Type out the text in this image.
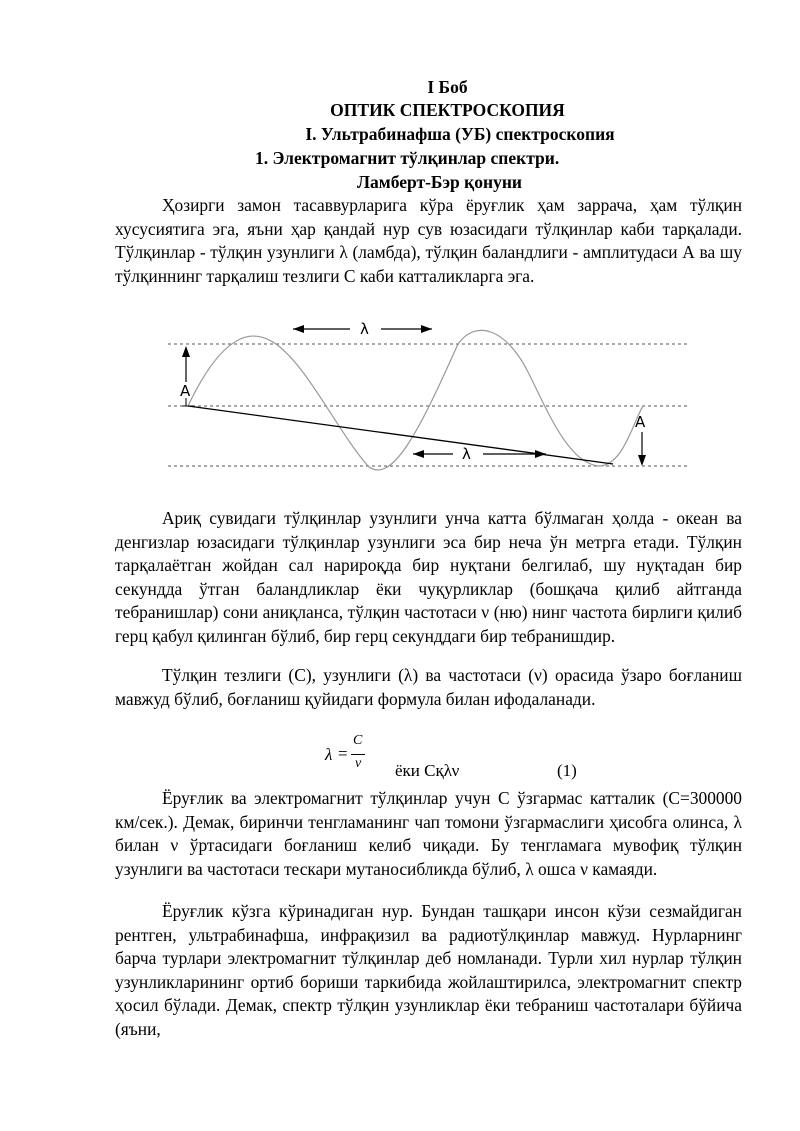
I Боб
ОПТИК СПЕКТРОСКОПИЯ
I. Ультрабинафша (УБ) спектроскопия
1. Электромагнит тўлқинлар спектри.
Ламберт-Бэр қонуни

Ҳозирги замон тасаввурларига кўра ёруғлик ҳам заррача, ҳам тўлқин хусусиятига эга, яъни ҳар қандай нур сув юзасидаги тўлқинлар каби тарқалади. Тўлқинлар - тўлқин узунлиги λ (ламбда), тўлқин баландлиги - амплитудаси А ва шу тўлқиннинг тарқалиш тезлиги С каби катталикларга эга.

λ
λ
А
А

Ариқ сувидаги тўлқинлар узунлиги унча катта бўлмаган ҳолда - океан ва денгизлар юзасидаги тўлқинлар узунлиги эса бир неча ўн метрга етади. Тўлқин тарқалаётган жойдан сал нарироқда бир нуқтани белгилаб, шу нуқтадан бир секундда ўтган баландликлар ёки чуқурликлар (бошқача қилиб айтганда тебранишлар) сони аниқланса, тўлқин частотаси ν (ню) нинг частота бирлиги қилиб герц қабул қилинган бўлиб, бир герц секунддаги бир тебранишдир.

Тўлқин тезлиги (С), узунлиги (λ) ва частотаси (ν) орасида ўзаро боғланиш мавжуд бўлиб, боғланиш қуйидаги формула билан ифодаланади.

λ =
C
ν ёки Сқλν	(1)

Ёруғлик ва электромагнит тўлқинлар учун С ўзгармас катталик (С=300000 км/сек.). Демак, биринчи тенгламанинг чап томони ўзгармаслиги ҳисобга олинса, λ билан ν ўртасидаги боғланиш келиб чиқади. Бу тенгламага мувофиқ тўлқин узунлиги ва частотаси тескари мутаносибликда бўлиб, λ ошса ν камаяди.

Ёруғлик кўзга кўринадиган нур. Бундан ташқари инсон кўзи сезмайдиган рентген, ультрабинафша, инфрақизил ва радиотўлқинлар мавжуд. Нурларнинг барча турлари электромагнит тўлқинлар деб номланади. Турли хил нурлар тўлқин узунликларининг ортиб бориши таркибида жойлаштирилса, электромагнит спектр ҳосил бўлади. Демак, спектр тўлқин узунликлар ёки тебраниш частоталари бўйича (яъни,
